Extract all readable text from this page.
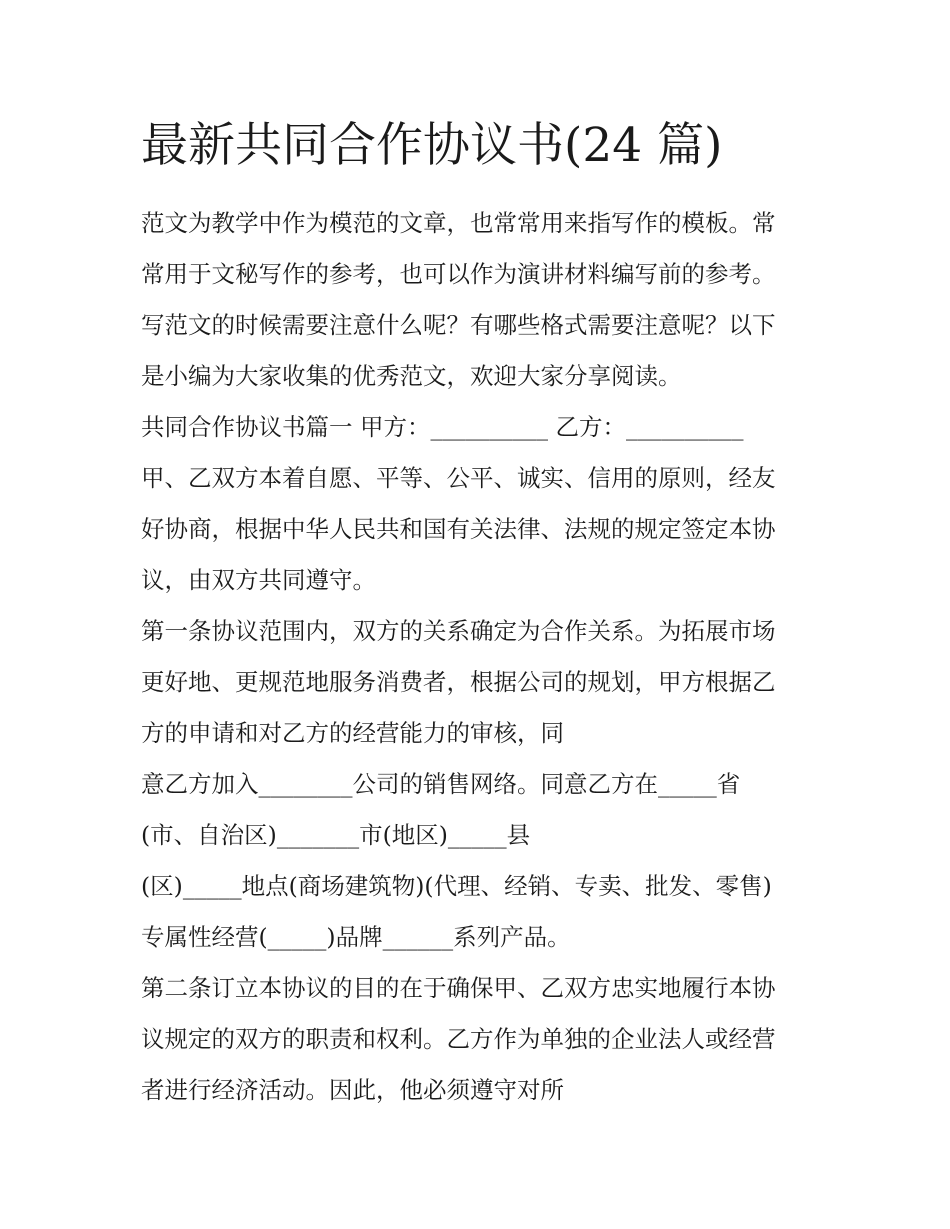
最新共同合作协议书(24 篇)
范文为教学中作为模范的文章，也常常用来指写作的模板。常
常用于文秘写作的参考，也可以作为演讲材料编写前的参考。
写范文的时候需要注意什么呢？有哪些格式需要注意呢？以下
是小编为大家收集的优秀范文，欢迎大家分享阅读。
共同合作协议书篇一 甲方：__________ 乙方：__________
甲、乙双方本着自愿、平等、公平、诚实、信用的原则，经友
好协商，根据中华人民共和国有关法律、法规的规定签定本协
议，由双方共同遵守。
第一条协议范围内，双方的关系确定为合作关系。为拓展市场
更好地、更规范地服务消费者，根据公司的规划，甲方根据乙
方的申请和对乙方的经营能力的审核，同
意乙方加入________公司的销售网络。同意乙方在_____省
(市、自治区)_______市(地区)_____县
(区)_____地点(商场建筑物)(代理、经销、专卖、批发、零售)
专属性经营(_____)品牌______系列产品。
第二条订立本协议的目的在于确保甲、乙双方忠实地履行本协
议规定的双方的职责和权利。乙方作为单独的企业法人或经营
者进行经济活动。因此，他必须遵守对所
